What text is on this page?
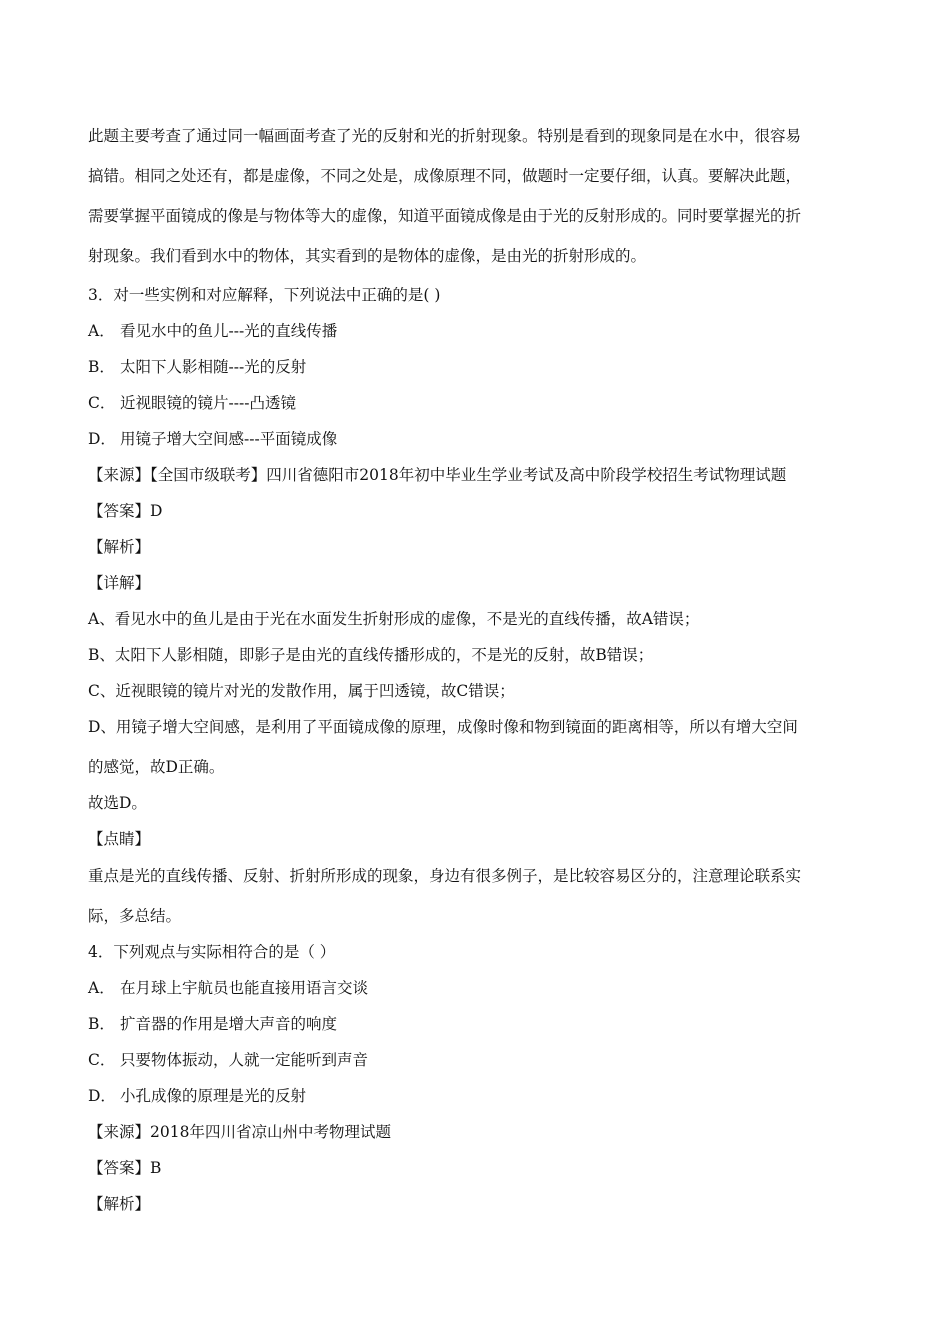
此题主要考查了通过同一幅画面考查了光的反射和光的折射现象。特别是看到的现象同是在水中，很容易
搞错。相同之处还有，都是虚像，不同之处是，成像原理不同，做题时一定要仔细，认真。要解决此题，
需要掌握平面镜成的像是与物体等大的虚像，知道平面镜成像是由于光的反射形成的。同时要掌握光的折
射现象。我们看到水中的物体，其实看到的是物体的虚像，是由光的折射形成的。
3．对一些实例和对应解释，下列说法中正确的是( )
A． 看见水中的鱼儿---光的直线传播
B． 太阳下人影相随---光的反射
C． 近视眼镜的镜片----凸透镜
D． 用镜子增大空间感---平面镜成像
【来源】【全国市级联考】四川省德阳市2018年初中毕业生学业考试及高中阶段学校招生考试物理试题
【答案】D
【解析】
【详解】
A、看见水中的鱼儿是由于光在水面发生折射形成的虚像，不是光的直线传播，故A错误；
B、太阳下人影相随，即影子是由光的直线传播形成的，不是光的反射，故B错误；
C、近视眼镜的镜片对光的发散作用，属于凹透镜，故C错误；
D、用镜子增大空间感，是利用了平面镜成像的原理，成像时像和物到镜面的距离相等，所以有增大空间
的感觉，故D正确。
故选D。
【点睛】
重点是光的直线传播、反射、折射所形成的现象，身边有很多例子，是比较容易区分的，注意理论联系实
际，多总结。
4．下列观点与实际相符合的是（ ）
A． 在月球上宇航员也能直接用语言交谈
B． 扩音器的作用是增大声音的响度
C． 只要物体振动，人就一定能听到声音
D． 小孔成像的原理是光的反射
【来源】2018年四川省凉山州中考物理试题
【答案】B
【解析】
